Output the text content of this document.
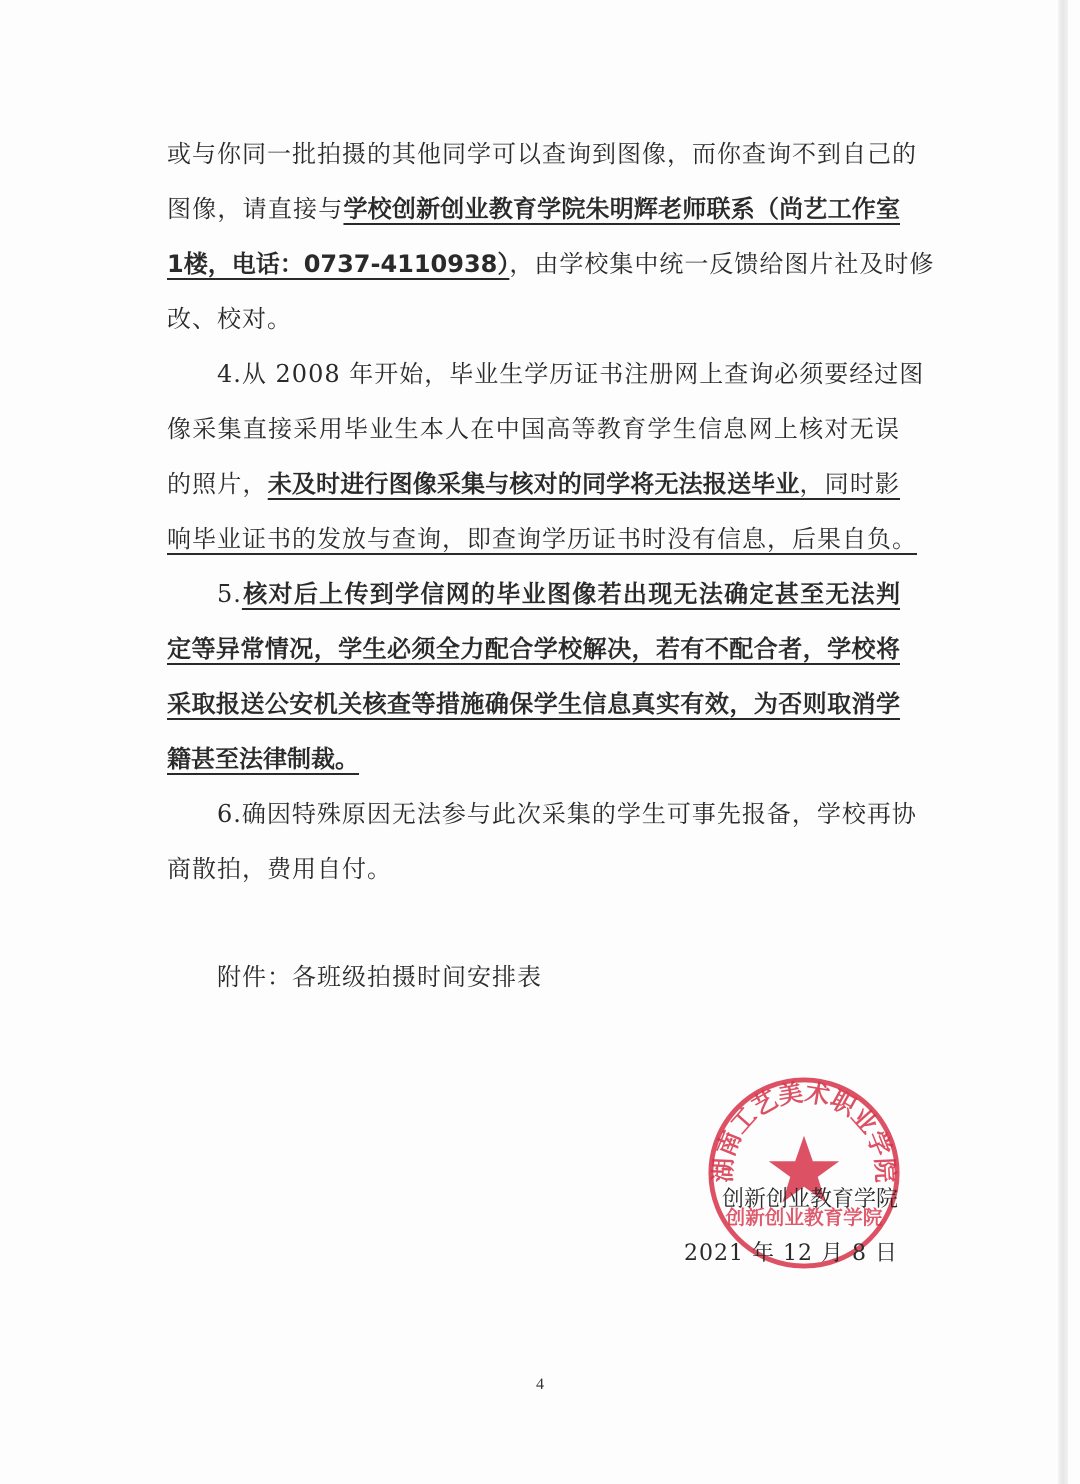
或与你同一批拍摄的其他同学可以查询到图像，而你查询不到自己的
图像，请直接与学校创新创业教育学院朱明辉老师联系（尚艺工作室
1楼，电话：0737-4110938），由学校集中统一反馈给图片社及时修
改、校对。
4.从 2008 年开始，毕业生学历证书注册网上查询必须要经过图
像采集直接采用毕业生本人在中国高等教育学生信息网上核对无误
的照片，未及时进行图像采集与核对的同学将无法报送毕业，同时影
响毕业证书的发放与查询，即查询学历证书时没有信息，后果自负。
5.核对后上传到学信网的毕业图像若出现无法确定甚至无法判
定等异常情况，学生必须全力配合学校解决，若有不配合者，学校将
采取报送公安机关核查等措施确保学生信息真实有效，为否则取消学
籍甚至法律制裁。
6.确因特殊原因无法参与此次采集的学生可事先报备，学校再协
商散拍，费用自付。
附件：各班级拍摄时间安排表
湖南工艺美术职业学院
创新创业教育学院
创新创业教育学院
2021 年 12 月 8 日
4
